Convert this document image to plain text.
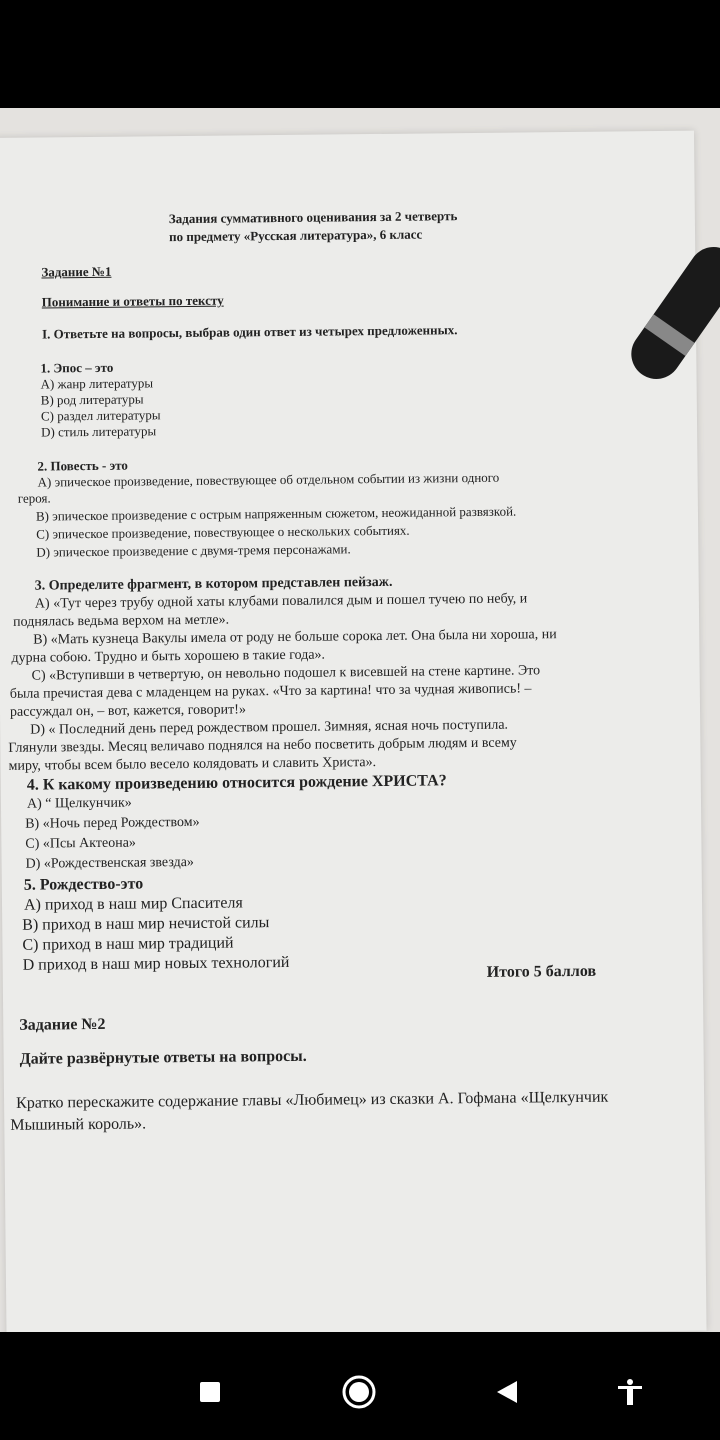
Задания суммативного оценивания за 2 четверть
по предмету «Русская литература», 6 класс
Задание №1
Понимание и ответы по тексту
I. Ответьте на вопросы, выбрав один ответ из четырех предложенных.
1. Эпос – это
A) жанр литературы
B) род литературы
C) раздел литературы
D) стиль литературы
2. Повесть - это
A) эпическое произведение, повествующее об отдельном событии из жизни одного
героя.
B) эпическое произведение с острым напряженным сюжетом, неожиданной развязкой.
C) эпическое произведение, повествующее о нескольких событиях.
D) эпическое произведение с двумя-тремя персонажами.
3. Определите фрагмент, в котором представлен пейзаж.
A) «Тут через трубу одной хаты клубами повалился дым и пошел тучею по небу, и
поднялась ведьма верхом на метле».
B) «Мать кузнеца Вакулы имела от роду не больше сорока лет. Она была ни хороша, ни
дурна собою. Трудно и быть хорошею в такие года».
C) «Вступивши в четвертую, он невольно подошел к висевшей на стене картине. Это
была пречистая дева с младенцем на руках. «Что за картина! что за чудная живопись! –
рассуждал он, – вот, кажется, говорит!»
D) « Последний день перед рождеством прошел. Зимняя, ясная ночь поступила.
Глянули звезды. Месяц величаво поднялся на небо посветить добрым людям и всему
миру, чтобы всем было весело колядовать и славить Христа».
4. К какому произведению относится рождение ХРИСТА?
A) “ Щелкунчик»
B) «Ночь перед Рождеством»
C) «Псы Актеона»
D) «Рождественская звезда»
5. Рождество-это
A) приход в наш мир Спасителя
B) приход в наш мир нечистой силы
C) приход в наш мир традиций
D приход в наш мир новых технологий	Итого 5 баллов
Задание №2
Дайте развёрнутые ответы на вопросы.
Кратко перескажите содержание главы «Любимец» из сказки А. Гофмана «Щелкунчик
Мышиный король».
